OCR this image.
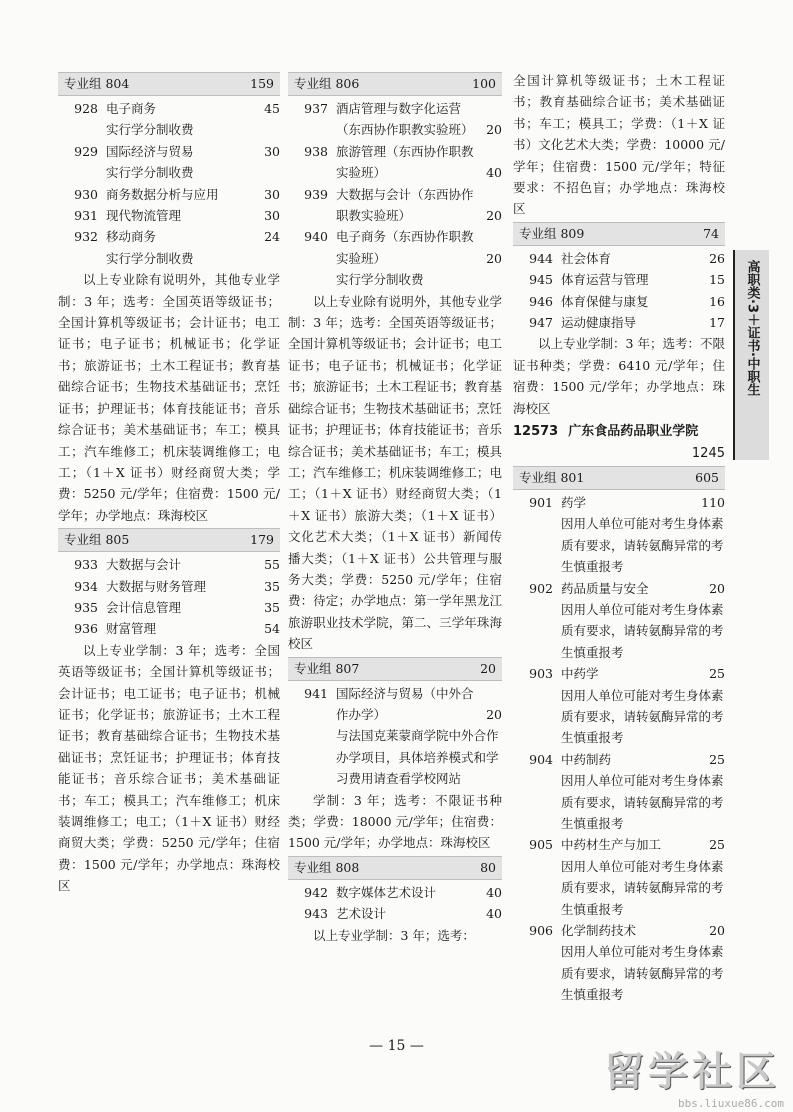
专业组 804	159
928 电子商务	45
实行学分制收费
929 国际经济与贸易	30
实行学分制收费
930 商务数据分析与应用	30
931 现代物流管理	30
932 移动商务	24
实行学分制收费
以上专业除有说明外，其他专业学制：3 年；选考：全国英语等级证书；全国计算机等级证书；会计证书；电工证书；电子证书；机械证书；化学证书；旅游证书；土木工程证书；教育基础综合证书；生物技术基础证书；烹饪证书；护理证书；体育技能证书；音乐综合证书；美术基础证书；车工；模具工；汽车维修工；机床装调维修工；电工；（1＋X 证书）财经商贸大类；学费：5250 元/学年；住宿费：1500 元/学年；办学地点：珠海校区
专业组 805	179
933 大数据与会计	55
934 大数据与财务管理	35
935 会计信息管理	35
936 财富管理	54
以上专业学制：3 年；选考：全国英语等级证书；全国计算机等级证书；会计证书；电工证书；电子证书；机械证书；化学证书；旅游证书；土木工程证书；教育基础综合证书；生物技术基础证书；烹饪证书；护理证书；体育技能证书；音乐综合证书；美术基础证书；车工；模具工；汽车维修工；机床装调维修工；电工；（1＋X 证书）财经商贸大类；学费：5250 元/学年；住宿费：1500 元/学年；办学地点：珠海校区
专业组 806	100
937 酒店管理与数字化运营（东西协作职教实验班）	20
938 旅游管理（东西协作职教实验班）	40
939 大数据与会计（东西协作职教实验班）	20
940 电子商务（东西协作职教实验班）	20
实行学分制收费
以上专业除有说明外，其他专业学制：3 年；选考：全国英语等级证书；全国计算机等级证书；会计证书；电工证书；电子证书；机械证书；化学证书；旅游证书；土木工程证书；教育基础综合证书；生物技术基础证书；烹饪证书；护理证书；体育技能证书；音乐综合证书；美术基础证书；车工；模具工；汽车维修工；机床装调维修工；电工；（1＋X 证书）财经商贸大类；（1＋X 证书）旅游大类；（1＋X 证书）文化艺术大类；（1＋X 证书）新闻传播大类；（1＋X 证书）公共管理与服务大类；学费：5250 元/学年；住宿费：待定；办学地点：第一学年黑龙江旅游职业技术学院，第二、三学年珠海校区
专业组 807	20
941 国际经济与贸易（中外合作办学）	20
与法国克莱蒙商学院中外合作办学项目，具体培养模式和学习费用请查看学校网站
学制：3 年；选考：不限证书种类；学费：18000 元/学年；住宿费：1500 元/学年；办学地点：珠海校区
专业组 808	80
942 数字媒体艺术设计	40
943 艺术设计	40
以上专业学制：3 年；选考：
全国计算机等级证书；土木工程证书；教育基础综合证书；美术基础证书；车工；模具工；学费：（1＋X 证书）文化艺术大类；学费：10000 元/学年；住宿费：1500 元/学年；特征要求：不招色盲；办学地点：珠海校区
专业组 809	74
944 社会体育	26
945 体育运营与管理	15
946 体育保健与康复	16
947 运动健康指导	17
以上专业学制：3 年；选考：不限证书种类；学费：6410 元/学年；住宿费：1500 元/学年；办学地点：珠海校区
12573 广东食品药品职业学院
1245
专业组 801	605
901 药学	110
因用人单位可能对考生身体素质有要求，请转氨酶异常的考生慎重报考
902 药品质量与安全	20
因用人单位可能对考生身体素质有要求，请转氨酶异常的考生慎重报考
903 中药学	25
因用人单位可能对考生身体素质有要求，请转氨酶异常的考生慎重报考
904 中药制药	25
因用人单位可能对考生身体素质有要求，请转氨酶异常的考生慎重报考
905 中药材生产与加工	25
因用人单位可能对考生身体素质有要求，请转氨酶异常的考生慎重报考
906 化学制药技术	20
因用人单位可能对考生身体素质有要求，请转氨酶异常的考生慎重报考
高职类·3＋证书·中职生
— 15 —
留学社区
bbs.liuxue86.com
